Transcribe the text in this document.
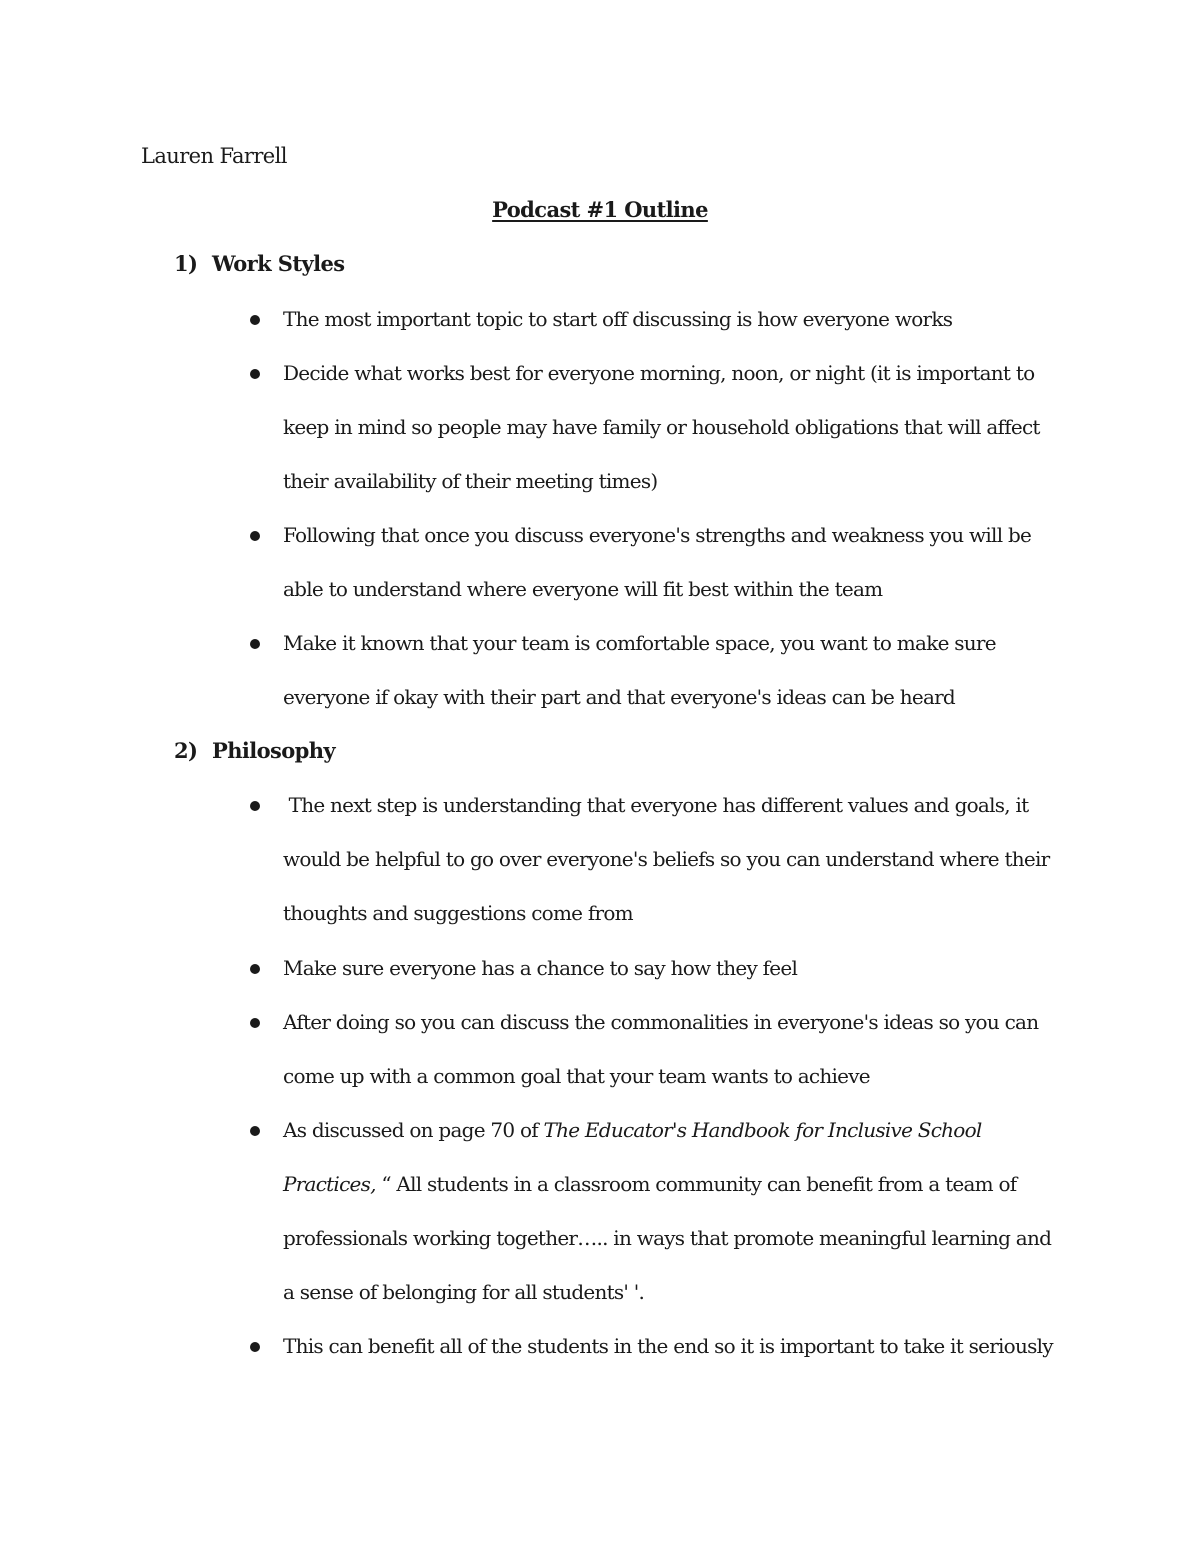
Lauren Farrell
Podcast #1 Outline
1) Work Styles
The most important topic to start off discussing is how everyone works
Decide what works best for everyone morning, noon, or night (it is important to
keep in mind so people may have family or household obligations that will affect
their availability of their meeting times)
Following that once you discuss everyone's strengths and weakness you will be
able to understand where everyone will fit best within the team
Make it known that your team is comfortable space, you want to make sure
everyone if okay with their part and that everyone's ideas can be heard
2) Philosophy
The next step is understanding that everyone has different values and goals, it
would be helpful to go over everyone's beliefs so you can understand where their
thoughts and suggestions come from
Make sure everyone has a chance to say how they feel
After doing so you can discuss the commonalities in everyone's ideas so you can
come up with a common goal that your team wants to achieve
As discussed on page 70 of The Educator's Handbook for Inclusive School
Practices, “ All students in a classroom community can benefit from a team of
professionals working together….. in ways that promote meaningful learning and
a sense of belonging for all students' '.
This can benefit all of the students in the end so it is important to take it seriously
